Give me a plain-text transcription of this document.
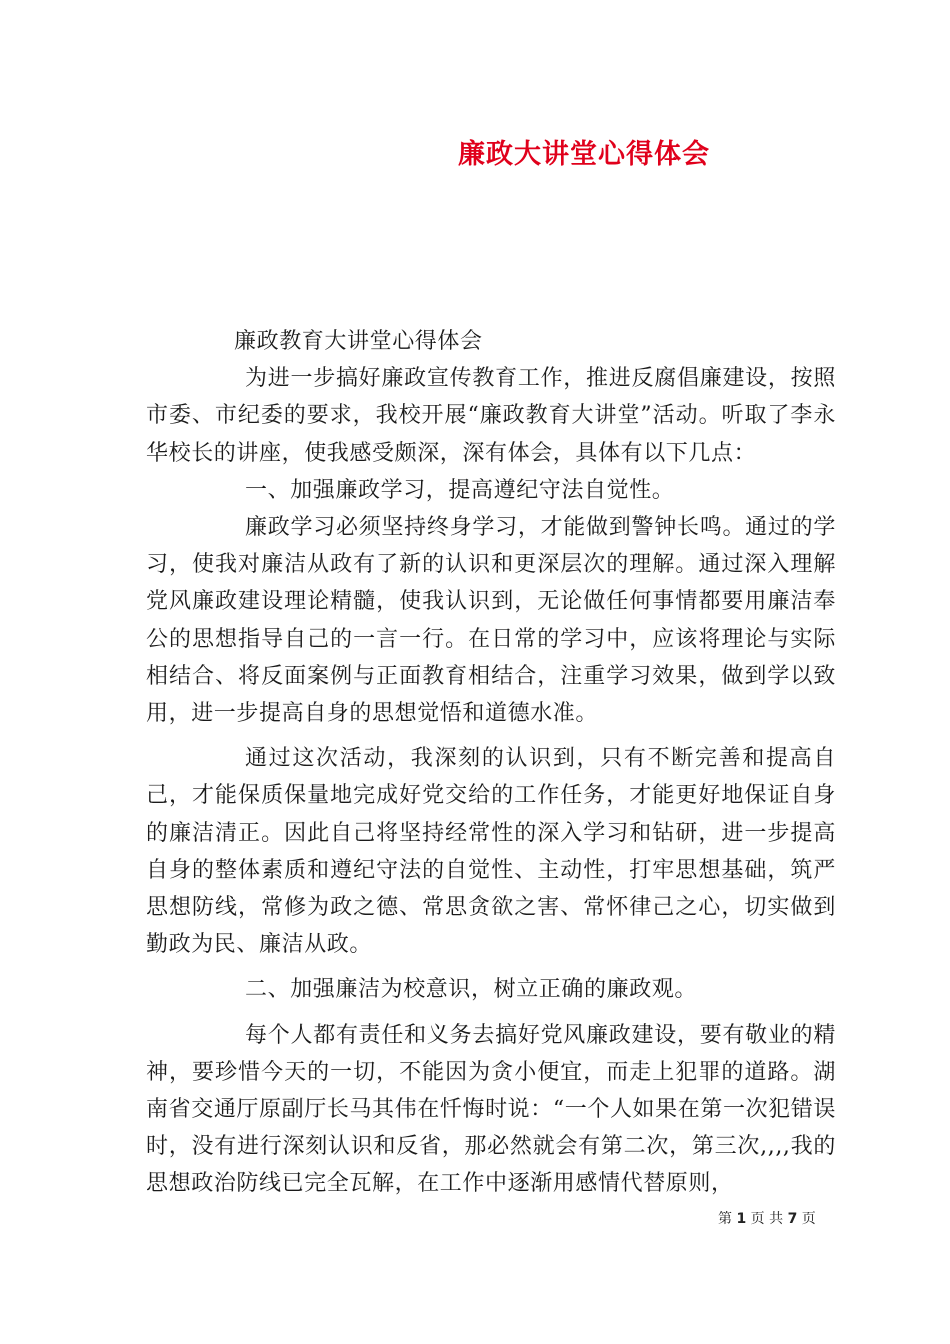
廉政大讲堂心得体会

廉政教育大讲堂心得体会

为进一步搞好廉政宣传教育工作，推进反腐倡廉建设，按照市委、市纪委的要求，我校开展“廉政教育大讲堂”活动。听取了李永华校长的讲座，使我感受颇深，深有体会，具体有以下几点：

一、加强廉政学习，提高遵纪守法自觉性。

廉政学习必须坚持终身学习，才能做到警钟长鸣。通过的学习，使我对廉洁从政有了新的认识和更深层次的理解。通过深入理解党风廉政建设理论精髓，使我认识到，无论做任何事情都要用廉洁奉公的思想指导自己的一言一行。在日常的学习中，应该将理论与实际相结合、将反面案例与正面教育相结合，注重学习效果，做到学以致用，进一步提高自身的思想觉悟和道德水准。

通过这次活动，我深刻的认识到，只有不断完善和提高自己，才能保质保量地完成好党交给的工作任务，才能更好地保证自身的廉洁清正。因此自己将坚持经常性的深入学习和钻研，进一步提高自身的整体素质和遵纪守法的自觉性、主动性，打牢思想基础，筑严思想防线，常修为政之德、常思贪欲之害、常怀律己之心，切实做到勤政为民、廉洁从政。

二、加强廉洁为校意识，树立正确的廉政观。

每个人都有责任和义务去搞好党风廉政建设，要有敬业的精神，要珍惜今天的一切，不能因为贪小便宜，而走上犯罪的道路。湖南省交通厅原副厅长马其伟在忏悔时说：“一个人如果在第一次犯错误时，没有进行深刻认识和反省，那必然就会有第二次，第三次,,,,我的思想政治防线已完全瓦解，在工作中逐渐用感情代替原则，

第 1 页 共 7 页
